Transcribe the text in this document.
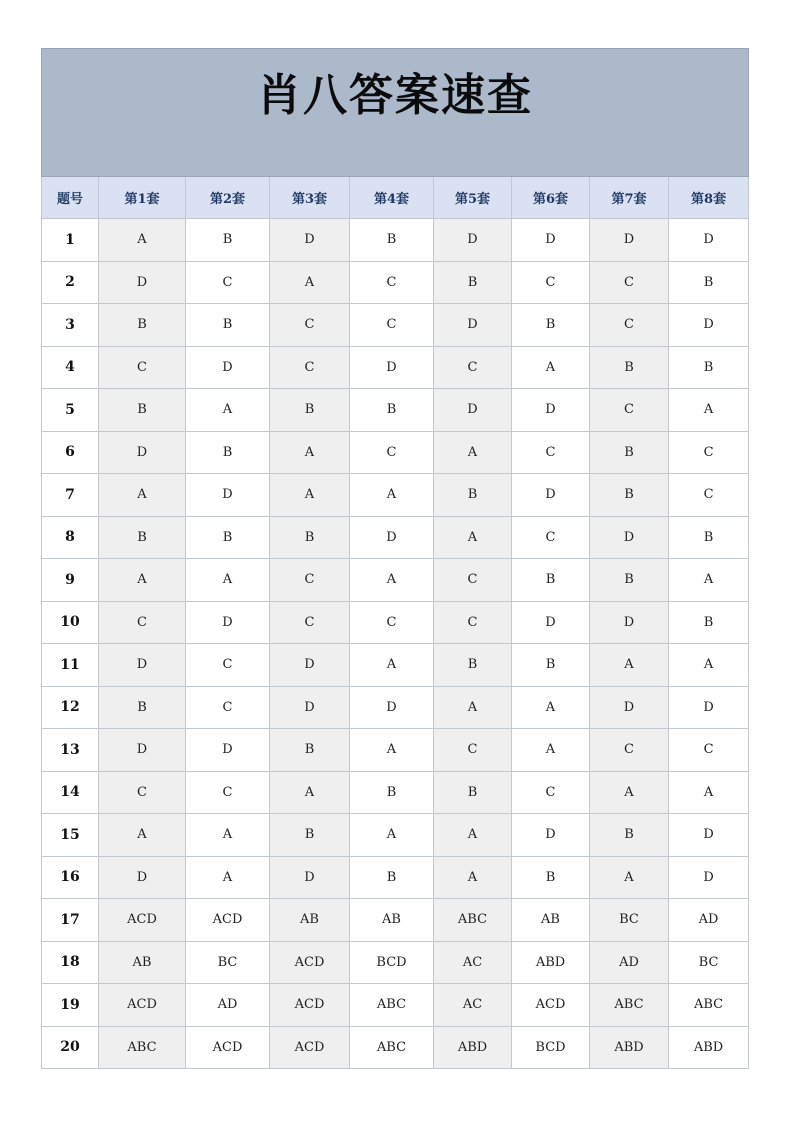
肖八答案速查								

题号	第1套	第2套	第3套	第4套	第5套	第6套	第7套	第8套
1	A	B	D	B	D	D	D	D
2	D	C	A	C	B	C	C	B
3	B	B	C	C	D	B	C	D
4	C	D	C	D	C	A	B	B
5	B	A	B	B	D	D	C	A
6	D	B	A	C	A	C	B	C
7	A	D	A	A	B	D	B	C
8	B	B	B	D	A	C	D	B
9	A	A	C	A	C	B	B	A
10	C	D	C	C	C	D	D	B
11	D	C	D	A	B	B	A	A
12	B	C	D	D	A	A	D	D
13	D	D	B	A	C	A	C	C
14	C	C	A	B	B	C	A	A
15	A	A	B	A	A	D	B	D
16	D	A	D	B	A	B	A	D
17	ACD	ACD	AB	AB	ABC	AB	BC	AD
18	AB	BC	ACD	BCD	AC	ABD	AD	BC
19	ACD	AD	ACD	ABC	AC	ACD	ABC	ABC
20	ABC	ACD	ACD	ABC	ABD	BCD	ABD	ABD
